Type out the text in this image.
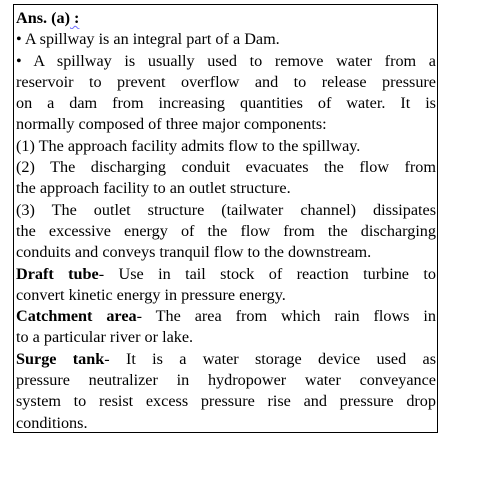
Ans. (a) :
• A spillway is an integral part of a Dam.
• A spillway is usually used to remove water from a
reservoir to prevent overflow and to release pressure
on a dam from increasing quantities of water. It is
normally composed of three major components:
(1) The approach facility admits flow to the spillway.
(2) The discharging conduit evacuates the flow from
the approach facility to an outlet structure.
(3) The outlet structure (tailwater channel) dissipates
the excessive energy of the flow from the discharging
conduits and conveys tranquil flow to the downstream.
Draft tube- Use in tail stock of reaction turbine to
convert kinetic energy in pressure energy.
Catchment area- The area from which rain flows in
to a particular river or lake.
Surge tank- It is a water storage device used as
pressure neutralizer in hydropower water conveyance
system to resist excess pressure rise and pressure drop
conditions.
